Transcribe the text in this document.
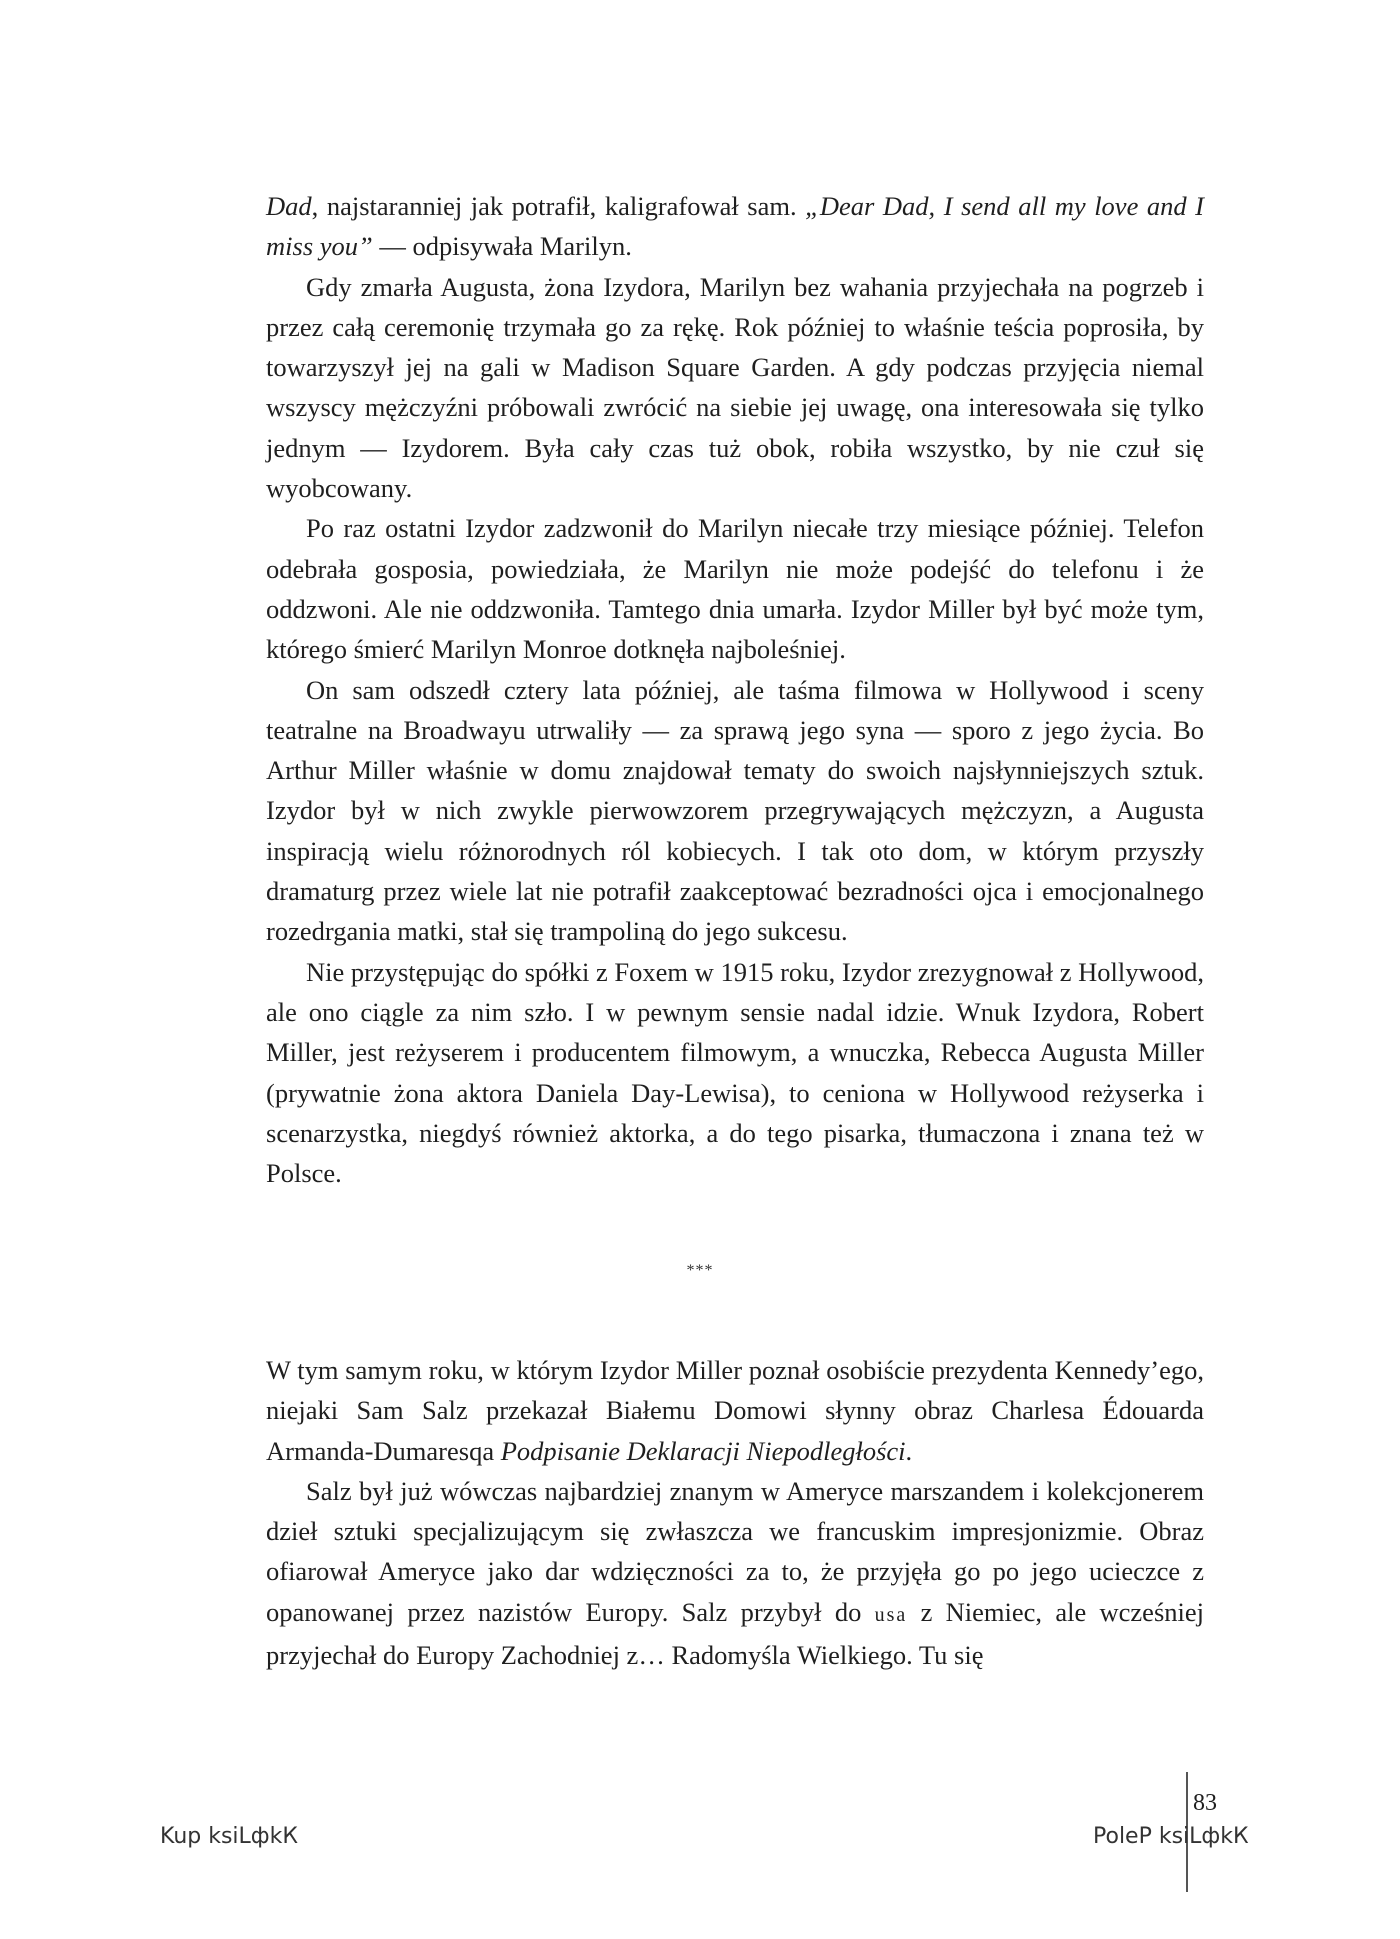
Dad, najstaranniej jak potrafił, kaligrafował sam. „Dear Dad, I send all my love and I miss you” — odpisywała Marilyn.

Gdy zmarła Augusta, żona Izydora, Marilyn bez wahania przyjechała na pogrzeb i przez całą ceremonię trzymała go za rękę. Rok później to właśnie teścia poprosiła, by towarzyszył jej na gali w Madison Square Garden. A gdy podczas przyjęcia niemal wszyscy mężczyźni próbowali zwrócić na siebie jej uwagę, ona interesowała się tylko jednym — Izydorem. Była cały czas tuż obok, robiła wszystko, by nie czuł się wyobcowany.

Po raz ostatni Izydor zadzwonił do Marilyn niecałe trzy miesiące później. Telefon odebrała gosposia, powiedziała, że Marilyn nie może podejść do telefonu i że oddzwoni. Ale nie oddzwoniła. Tamtego dnia umarła. Izydor Miller był być może tym, którego śmierć Marilyn Monroe dotknęła najboleśniej.

On sam odszedł cztery lata później, ale taśma filmowa w Hollywood i sceny teatralne na Broadwayu utrwaliły — za sprawą jego syna — sporo z jego życia. Bo Arthur Miller właśnie w domu znajdował tematy do swoich najsłynniejszych sztuk. Izydor był w nich zwykle pierwowzorem przegrywających mężczyzn, a Augusta inspiracją wielu różnorodnych ról kobiecych. I tak oto dom, w którym przyszły dramaturg przez wiele lat nie potrafił zaakceptować bezradności ojca i emocjonalnego rozedrgania matki, stał się trampoliną do jego sukcesu.

Nie przystępując do spółki z Foxem w 1915 roku, Izydor zrezygnował z Hollywood, ale ono ciągle za nim szło. I w pewnym sensie nadal idzie. Wnuk Izydora, Robert Miller, jest reżyserem i producentem filmowym, a wnuczka, Rebecca Augusta Miller (prywatnie żona aktora Daniela Day-Lewisa), to ceniona w Hollywood reżyserka i scenarzystka, niegdyś również aktorka, a do tego pisarka, tłumaczona i znana też w Polsce.

***

W tym samym roku, w którym Izydor Miller poznał osobiście prezydenta Kennedy’ego, niejaki Sam Salz przekazał Białemu Domowi słynny obraz Charlesa Édouarda Armanda-Dumaresqa Podpisanie Deklaracji Niepodległości.

Salz był już wówczas najbardziej znanym w Ameryce marszandem i kolekcjonerem dzieł sztuki specjalizującym się zwłaszcza we francuskim impresjonizmie. Obraz ofiarował Ameryce jako dar wdzięczności za to, że przyjęła go po jego ucieczce z opanowanej przez nazistów Europy. Salz przybył do usa z Niemiec, ale wcześniej przyjechał do Europy Zachodniej z… Radomyśla Wielkiego. Tu się

83
Kup ksiLфkК	PoleP ksiLфkК
